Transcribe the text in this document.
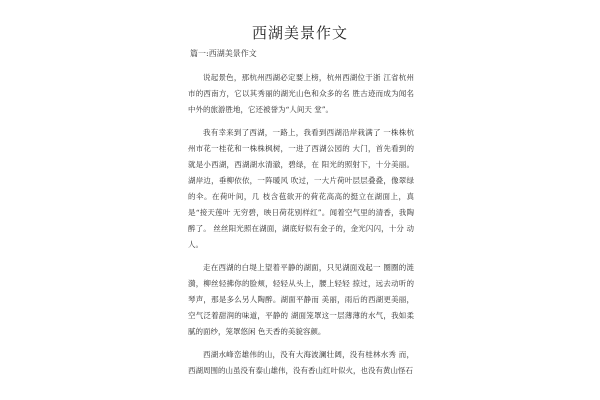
西湖美景作文
篇一:西湖美景作文

说起景色，那杭州西湖必定要上榜，杭州西湖位于浙 江省杭州市的西南方，它以其秀丽的湖光山色和众多的名 胜古迹而成为闻名中外的旅游胜地，它还被誉为“人间天 堂”。

我有幸来到了西湖，一路上，我看到西湖沿岸栽满了 一株株杭州市花一桂花和一株株枫树，一进了西湖公园的 大门，首先看到的就是小西湖，西湖湖水清澈，碧绿，在 阳光的照射下，十分美丽。湖岸边，垂柳依依，一阵暖风 吹过，一大片荷叶层层叠叠，像翠绿的伞。在荷叶间，几 枝含苞欲开的荷花高高的挺立在湖面上，真是“接天莲叶 无穷碧，映日荷花别样红”。闻着空气里的清香，我陶醉了。 丝丝阳光照在湖面，湖底好似有金子的，金光闪闪，十分 动人。

走在西湖的白堤上望着平静的湖面，只见湖面戏起一 圈圈的涟漪，柳丝轻拂你的脸颊，轻轻从头上，腰上轻轻 掠过，远去动听的琴声，那是多么另人陶醉。湖面平静而 美丽，雨后的西湖更美丽，空气泛着甜润的味道，平静的 湖面笼罩这一层薄薄的水气，我如柔腻的面纱，笼罩悠闲 色天香的美貌容颜。

西湖水峰峦雄伟的山，没有大海波澜壮阔，没有桂林水秀 而，西湖周围的山虽没有泰山雄伟，没有香山红叶似火，也没有黄山怪石
